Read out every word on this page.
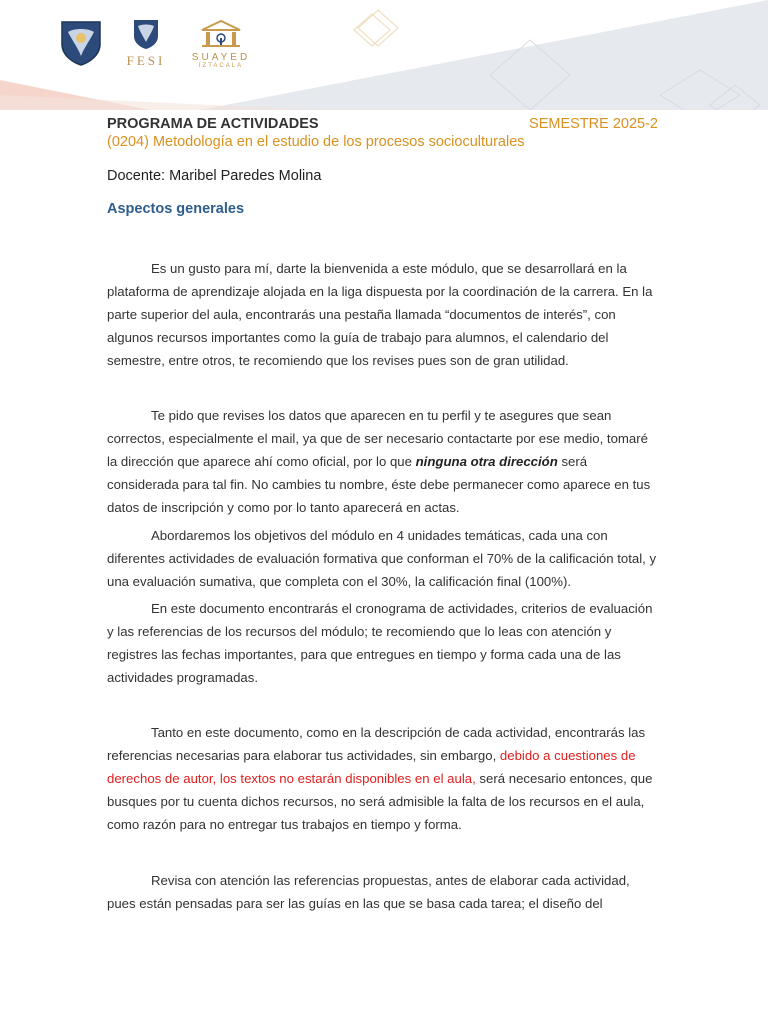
FESI	SUAYED
IZTACALA
PROGRAMA DE ACTIVIDADES	SEMESTRE 2025-2
(0204) Metodología en el estudio de los procesos socioculturales
Docente: Maribel Paredes Molina
Aspectos generales

Es un gusto para mí, darte la bienvenida a este módulo, que se desarrollará en la plataforma de aprendizaje alojada en la liga dispuesta por la coordinación de la carrera. En la parte superior del aula, encontrarás una pestaña llamada “documentos de interés”, con algunos recursos importantes como la guía de trabajo para alumnos, el calendario del semestre, entre otros, te recomiendo que los revises pues son de gran utilidad.

Te pido que revises los datos que aparecen en tu perfil y te asegures que sean correctos, especialmente el mail, ya que de ser necesario contactarte por ese medio, tomaré la dirección que aparece ahí como oficial, por lo que ninguna otra dirección será considerada para tal fin. No cambies tu nombre, éste debe permanecer como aparece en tus datos de inscripción y como por lo tanto aparecerá en actas.

Abordaremos los objetivos del módulo en 4 unidades temáticas, cada una con diferentes actividades de evaluación formativa que conforman el 70% de la calificación total, y una evaluación sumativa, que completa con el 30%, la calificación final (100%).

En este documento encontrarás el cronograma de actividades, criterios de evaluación y las referencias de los recursos del módulo; te recomiendo que lo leas con atención y registres las fechas importantes, para que entregues en tiempo y forma cada una de las actividades programadas.

Tanto en este documento, como en la descripción de cada actividad, encontrarás las referencias necesarias para elaborar tus actividades, sin embargo, debido a cuestiones de derechos de autor, los textos no estarán disponibles en el aula, será necesario entonces, que busques por tu cuenta dichos recursos, no será admisible la falta de los recursos en el aula, como razón para no entregar tus trabajos en tiempo y forma.

Revisa con atención las referencias propuestas, antes de elaborar cada actividad, pues están pensadas para ser las guías en las que se basa cada tarea; el diseño del
